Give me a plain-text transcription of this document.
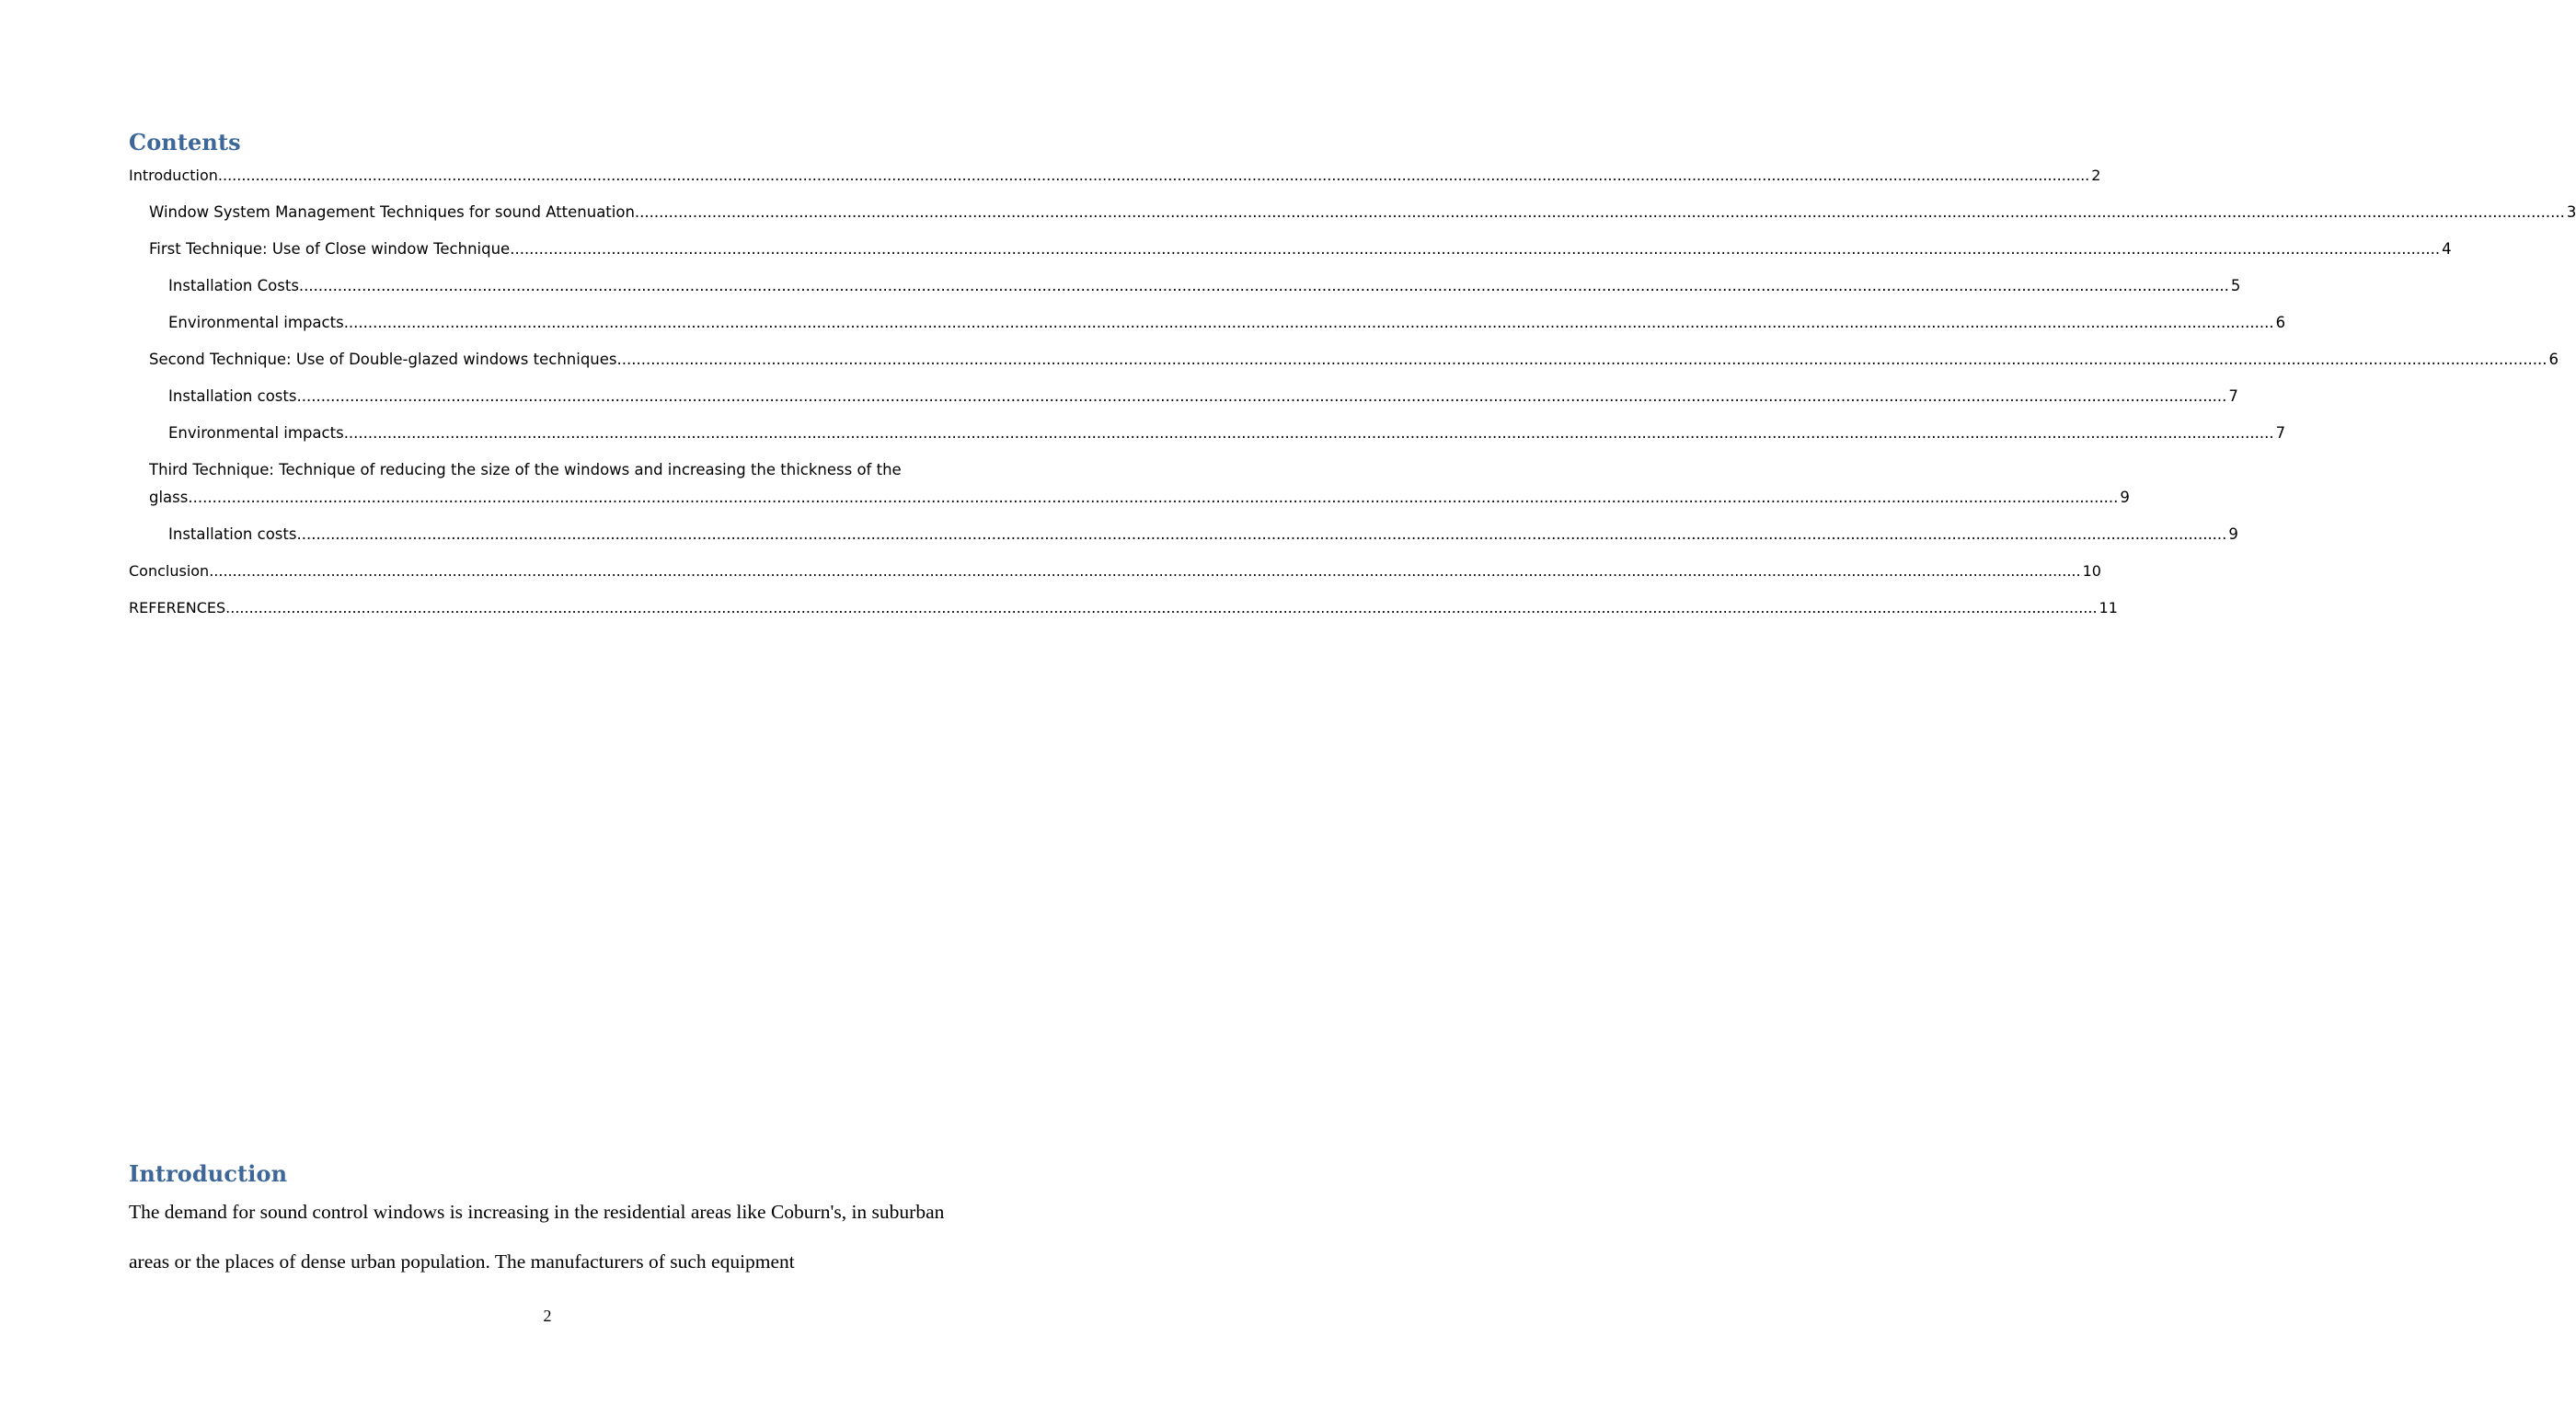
Contents
Introduction ................................................................................................................................................................................................................................................................................................................................................................................................................ 2
Window System Management Techniques for sound Attenuation ................................................................................................................................................................................................................................................................................................................................................................................................................ 3
First Technique: Use of Close window Technique ................................................................................................................................................................................................................................................................................................................................................................................................................ 4
Installation Costs ................................................................................................................................................................................................................................................................................................................................................................................................................ 5
Environmental impacts ................................................................................................................................................................................................................................................................................................................................................................................................................ 6
Second Technique: Use of Double-glazed windows techniques ................................................................................................................................................................................................................................................................................................................................................................................................................ 6
Installation costs ................................................................................................................................................................................................................................................................................................................................................................................................................ 7
Environmental impacts ................................................................................................................................................................................................................................................................................................................................................................................................................ 7
Third Technique: Technique of reducing the size of the windows and increasing the thickness of the
glass ................................................................................................................................................................................................................................................................................................................................................................................................................ 9
Installation costs ................................................................................................................................................................................................................................................................................................................................................................................................................ 9
Conclusion ................................................................................................................................................................................................................................................................................................................................................................................................................ 10
REFERENCES ................................................................................................................................................................................................................................................................................................................................................................................................................ 11
Introduction

The demand for sound control windows is increasing in the residential areas like Coburn's, in suburban areas or the places of dense urban population. The manufacturers of such equipment

2
